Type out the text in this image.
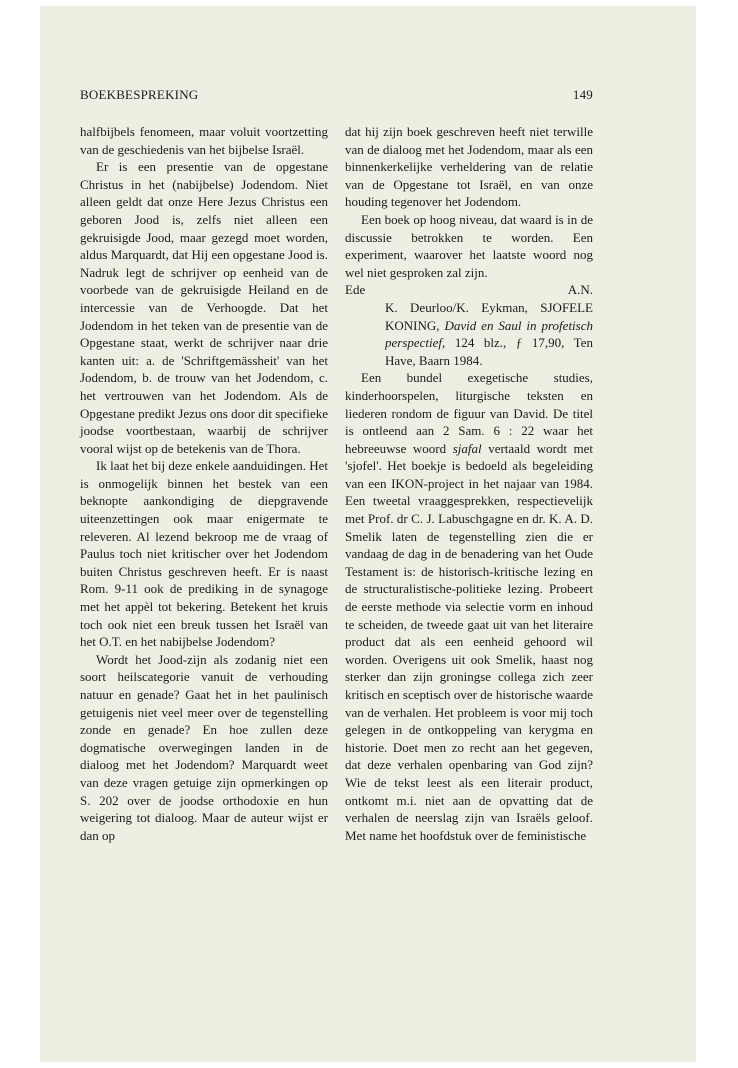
BOEKBESPREKING	149

halfbijbels fenomeen, maar voluit voortzetting van de geschiedenis van het bijbelse Israël.

Er is een presentie van de opgestane Christus in het (nabijbelse) Jodendom. Niet alleen geldt dat onze Here Jezus Christus een geboren Jood is, zelfs niet alleen een gekruisigde Jood, maar gezegd moet worden, aldus Marquardt, dat Hij een opgestane Jood is. Nadruk legt de schrijver op eenheid van de voorbede van de gekruisigde Heiland en de intercessie van de Verhoogde. Dat het Jodendom in het teken van de presentie van de Opgestane staat, werkt de schrijver naar drie kanten uit: a. de 'Schriftgemässheit' van het Jodendom, b. de trouw van het Jodendom, c. het vertrouwen van het Jodendom. Als de Opgestane predikt Jezus ons door dit specifieke joodse voortbestaan, waarbij de schrijver vooral wijst op de betekenis van de Thora.

Ik laat het bij deze enkele aanduidingen. Het is onmogelijk binnen het bestek van een beknopte aankondiging de diepgravende uiteenzettingen ook maar enigermate te releveren. Al lezend bekroop me de vraag of Paulus toch niet kritischer over het Jodendom buiten Christus geschreven heeft. Er is naast Rom. 9-11 ook de prediking in de synagoge met het appèl tot bekering. Betekent het kruis toch ook niet een breuk tussen het Israël van het O.T. en het nabijbelse Jodendom?

Wordt het Jood-zijn als zodanig niet een soort heilscategorie vanuit de verhouding natuur en genade? Gaat het in het paulinisch getuigenis niet veel meer over de tegenstelling zonde en genade? En hoe zullen deze dogmatische overwegingen landen in de dialoog met het Jodendom? Marquardt weet van deze vragen getuige zijn opmerkingen op S. 202 over de joodse orthodoxie en hun weigering tot dialoog. Maar de auteur wijst er dan op

dat hij zijn boek geschreven heeft niet terwille van de dialoog met het Jodendom, maar als een binnenkerkelijke verheldering van de relatie van de Opgestane tot Israël, en van onze houding tegenover het Jodendom.

Een boek op hoog niveau, dat waard is in de discussie betrokken te worden. Een experiment, waarover het laatste woord nog wel niet gesproken zal zijn.

Ede	A.N.

K. Deurloo/K. Eykman, SJOFELE KONING, David en Saul in profetisch perspectief, 124 blz., ƒ 17,90, Ten Have, Baarn 1984.

Een bundel exegetische studies, kinderhoorspelen, liturgische teksten en liederen rondom de figuur van David. De titel is ontleend aan 2 Sam. 6 : 22 waar het hebreeuwse woord sjafal vertaald wordt met 'sjofel'. Het boekje is bedoeld als begeleiding van een IKON-project in het najaar van 1984. Een tweetal vraaggesprekken, respectievelijk met Prof. dr C. J. Labuschgagne en dr. K. A. D. Smelik laten de tegenstelling zien die er vandaag de dag in de benadering van het Oude Testament is: de historisch-kritische lezing en de structuralistische-politieke lezing. Probeert de eerste methode via selectie vorm en inhoud te scheiden, de tweede gaat uit van het literaire product dat als een eenheid gehoord wil worden. Overigens uit ook Smelik, haast nog sterker dan zijn groningse collega zich zeer kritisch en sceptisch over de historische waarde van de verhalen. Het probleem is voor mij toch gelegen in de ontkoppeling van kerygma en historie. Doet men zo recht aan het gegeven, dat deze verhalen openbaring van God zijn? Wie de tekst leest als een literair product, ontkomt m.i. niet aan de opvatting dat de verhalen de neerslag zijn van Israëls geloof. Met name het hoofdstuk over de feministische
